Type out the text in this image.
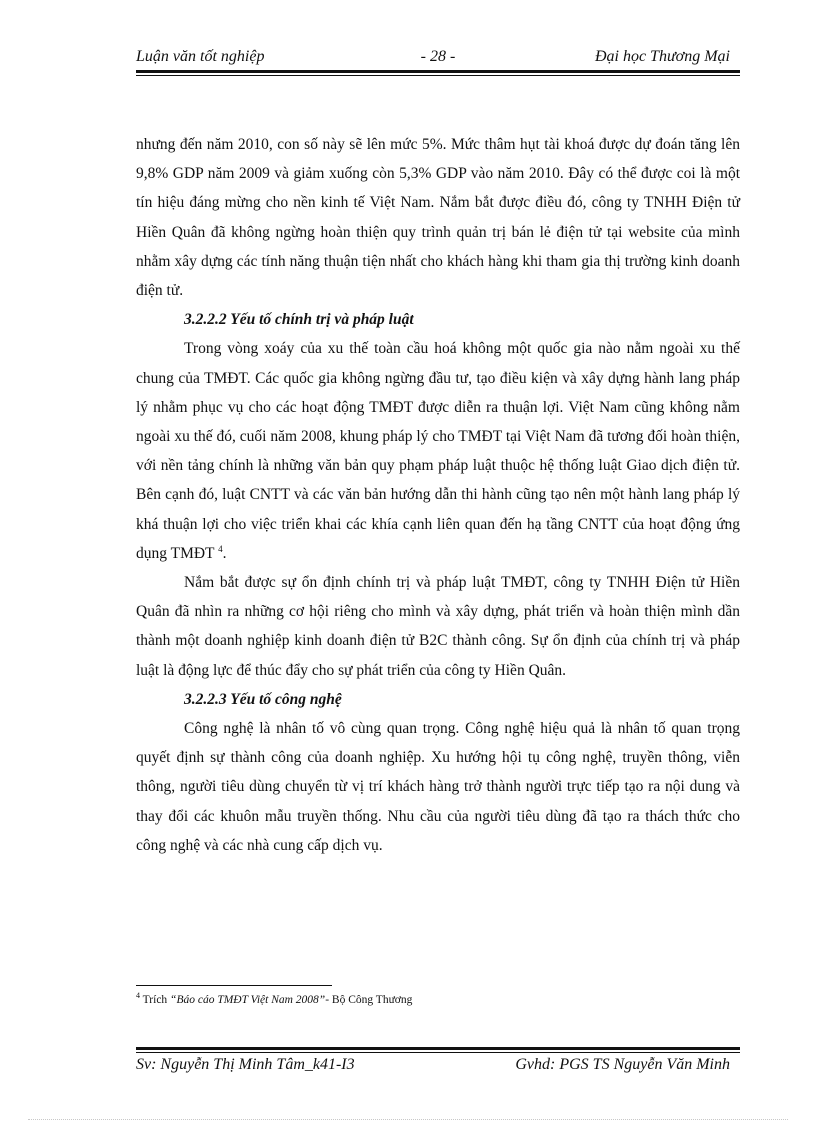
Luận văn tốt nghiệp	- 28 -	Đại học Thương Mại

nhưng đến năm 2010, con số này sẽ lên mức 5%. Mức thâm hụt tài khoá được dự đoán tăng lên 9,8% GDP năm 2009 và giảm xuống còn 5,3% GDP vào năm 2010. Đây có thể được coi là một tín hiệu đáng mừng cho nền kinh tế Việt Nam. Nắm bắt được điều đó, công ty TNHH Điện tử Hiền Quân đã không ngừng hoàn thiện quy trình quản trị bán lẻ điện tử tại website của mình nhằm xây dựng các tính năng thuận tiện nhất cho khách hàng khi tham gia thị trường kinh doanh điện tử.

3.2.2.2 Yếu tố chính trị và pháp luật

Trong vòng xoáy của xu thế toàn cầu hoá không một quốc gia nào nằm ngoài xu thế chung của TMĐT. Các quốc gia không ngừng đầu tư, tạo điều kiện và xây dựng hành lang pháp lý nhằm phục vụ cho các hoạt động TMĐT được diễn ra thuận lợi. Việt Nam cũng không nằm ngoài xu thế đó, cuối năm 2008, khung pháp lý cho TMĐT tại Việt Nam đã tương đối hoàn thiện, với nền tảng chính là những văn bản quy phạm pháp luật thuộc hệ thống luật Giao dịch điện tử. Bên cạnh đó, luật CNTT và các văn bản hướng dẫn thi hành cũng tạo nên một hành lang pháp lý khá thuận lợi cho việc triển khai các khía cạnh liên quan đến hạ tầng CNTT của hoạt động ứng dụng TMĐT $^4$.

Nắm bắt được sự ổn định chính trị và pháp luật TMĐT, công ty TNHH Điện tử Hiền Quân đã nhìn ra những cơ hội riêng cho mình và xây dựng, phát triển và hoàn thiện mình dần thành một doanh nghiệp kinh doanh điện tử B2C thành công. Sự ổn định của chính trị và pháp luật là động lực để thúc đẩy cho sự phát triển của công ty Hiền Quân.

3.2.2.3 Yếu tố công nghệ

Công nghệ là nhân tố vô cùng quan trọng. Công nghệ hiệu quả là nhân tố quan trọng quyết định sự thành công của doanh nghiệp. Xu hướng hội tụ công nghệ, truyền thông, viễn thông, người tiêu dùng chuyển từ vị trí khách hàng trở thành người trực tiếp tạo ra nội dung và thay đổi các khuôn mẫu truyền thống. Nhu cầu của người tiêu dùng đã tạo ra thách thức cho công nghệ và các nhà cung cấp dịch vụ.

$^4$ Trích “Báo cáo TMĐT Việt Nam 2008”- Bộ Công Thương
Sv: Nguyễn Thị Minh Tâm_k41-I3	Gvhd: PGS TS Nguyễn Văn Minh
